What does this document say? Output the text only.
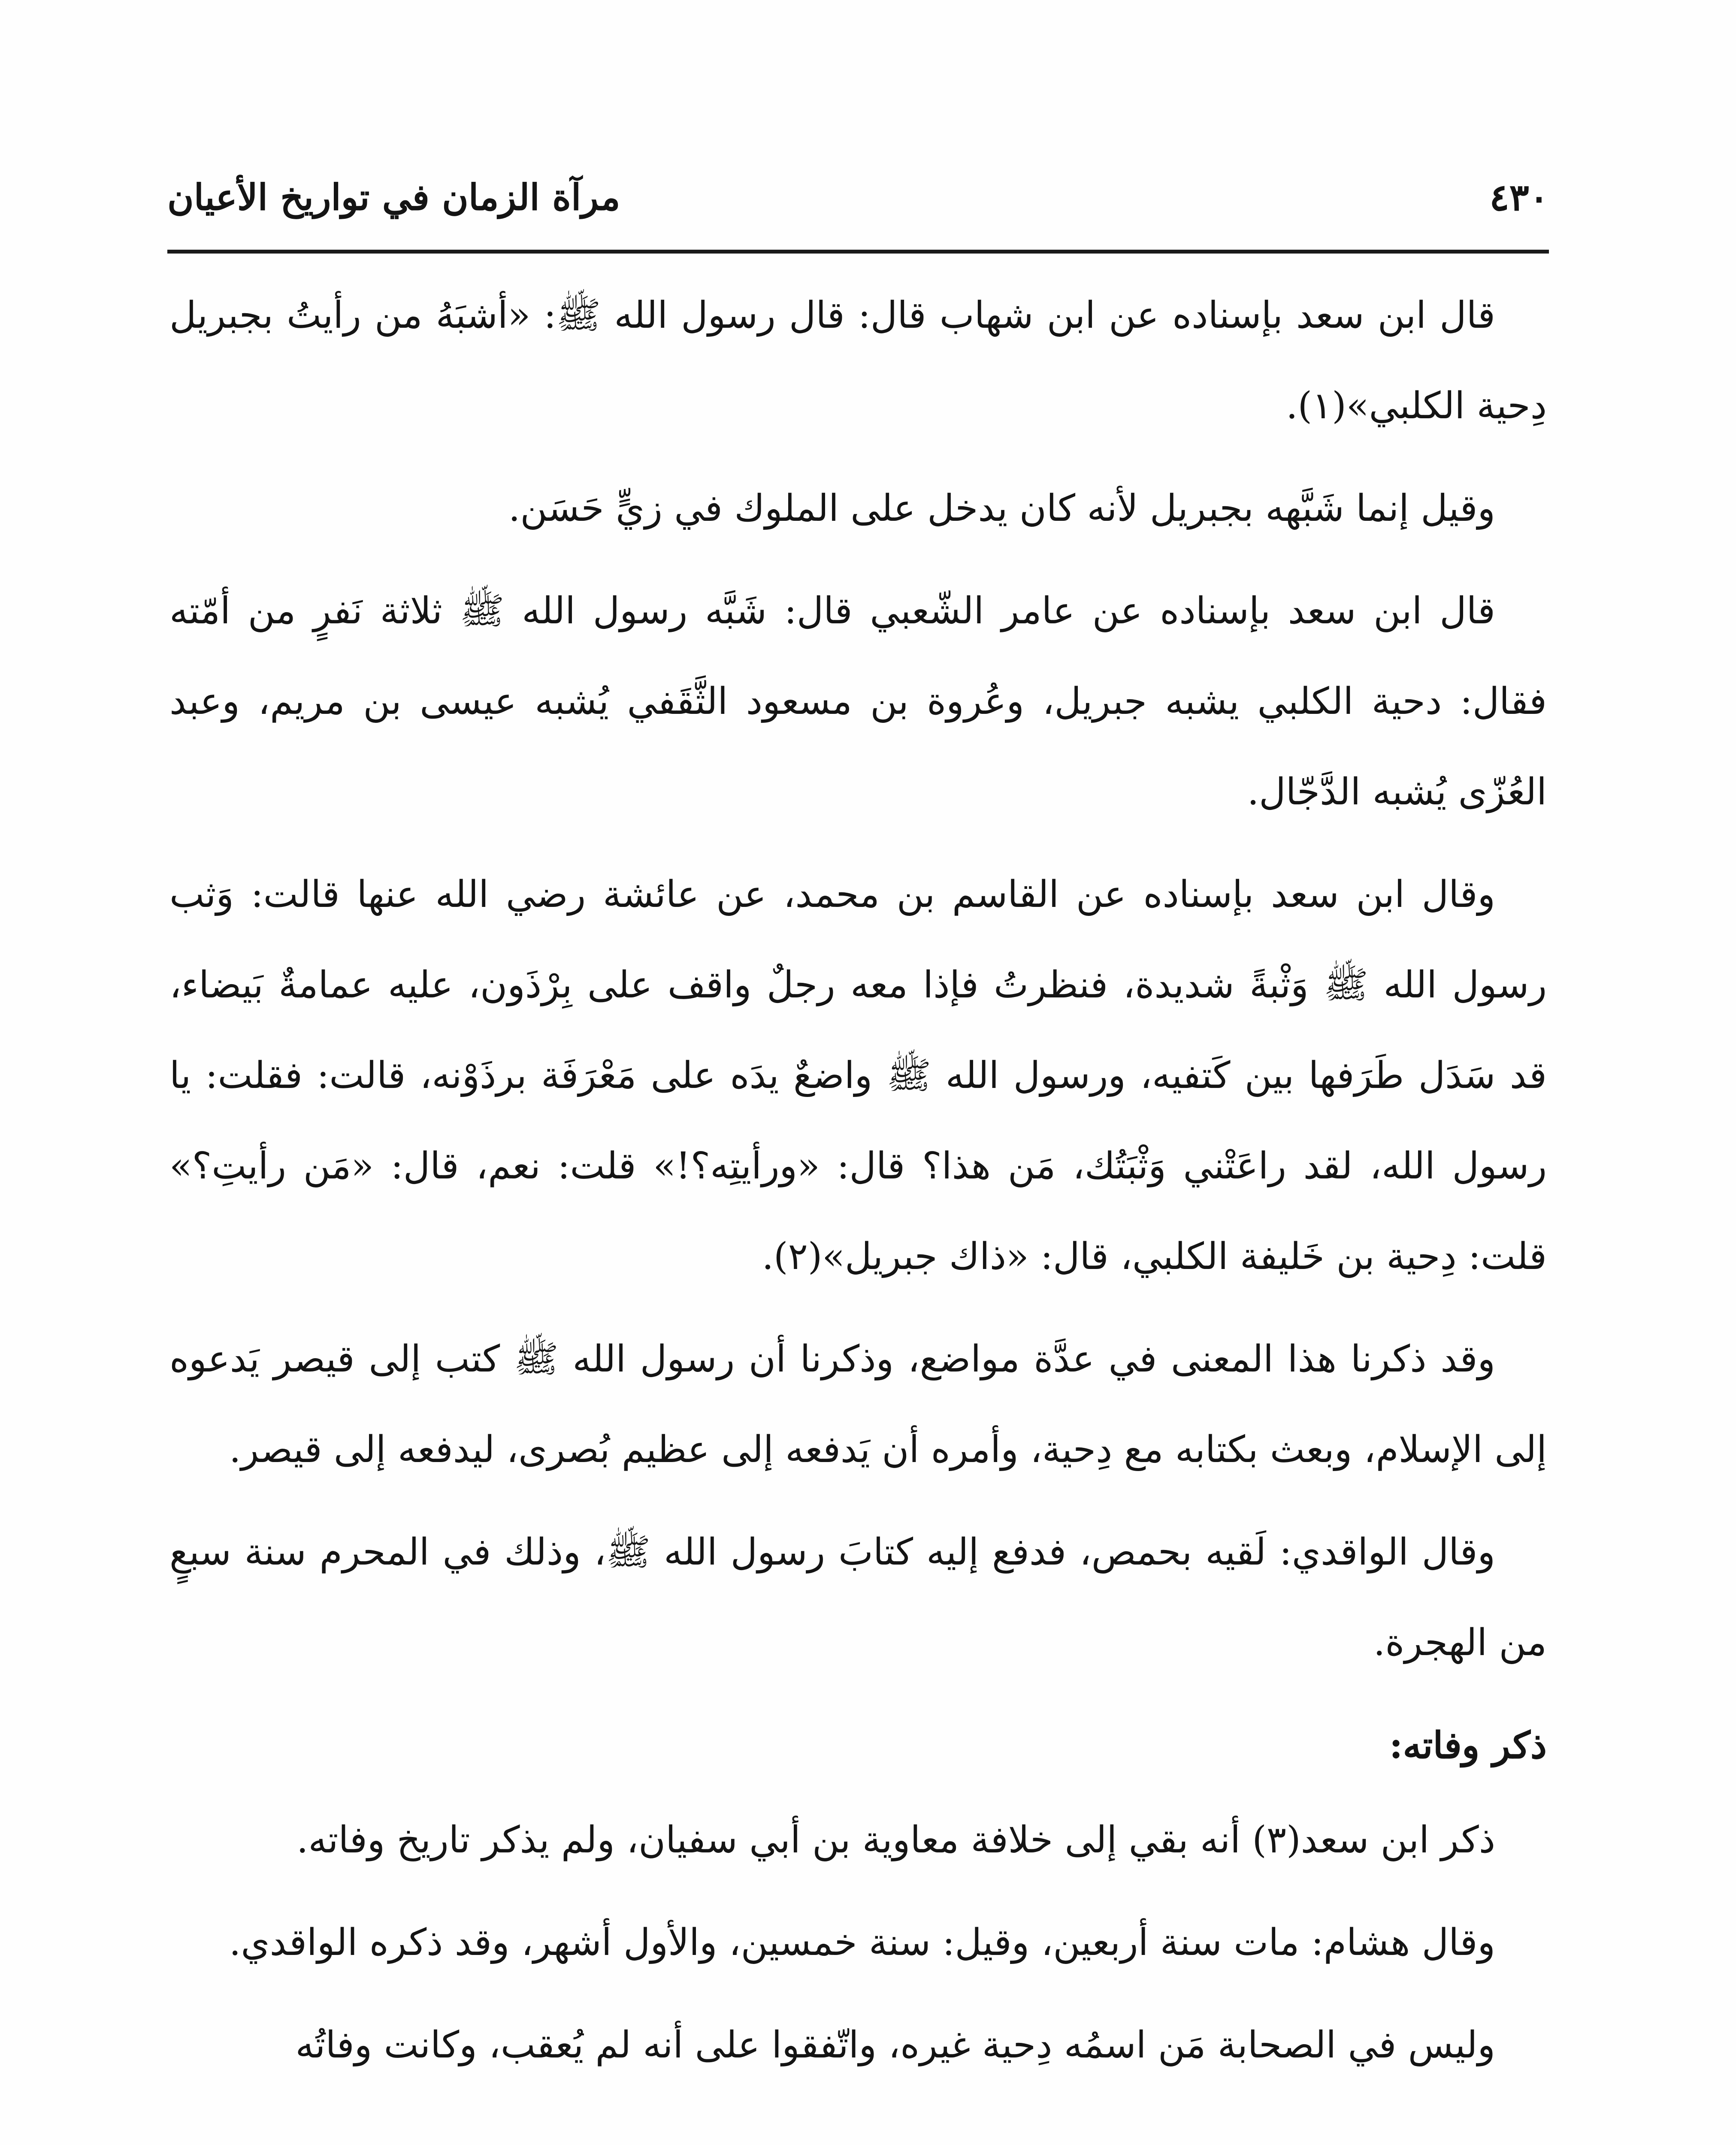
٤٣٠
مرآة الزمان في تواريخ الأعيان

قال ابن سعد بإسناده عن ابن شهاب قال: قال رسول الله ﷺ: «أشبَهُ من رأيتُ بجبريل دِحية الكلبي»(١).

وقيل إنما شَبَّهه بجبريل لأنه كان يدخل على الملوك في زيٍّ حَسَن.

قال ابن سعد بإسناده عن عامر الشّعبي قال: شَبَّه رسول الله ﷺ ثلاثة نَفرٍ من أمّته فقال: دحية الكلبي يشبه جبريل، وعُروة بن مسعود الثَّقَفي يُشبه عيسى بن مريم، وعبد العُزّى يُشبه الدَّجّال.

وقال ابن سعد بإسناده عن القاسم بن محمد، عن عائشة رضي الله عنها قالت: وَثب رسول الله ﷺ وَثْبةً شديدة، فنظرتُ فإذا معه رجلٌ واقف على بِرْذَون، عليه عمامةٌ بَيضاء، قد سَدَل طَرَفها بين كَتفيه، ورسول الله ﷺ واضعٌ يدَه على مَعْرَفَة برذَوْنه، قالت: فقلت: يا رسول الله، لقد راعَتْني وَثْبَتُك، مَن هذا؟ قال: «ورأيتِه؟!» قلت: نعم، قال: «مَن رأيتِ؟» قلت: دِحية بن خَليفة الكلبي، قال: «ذاك جبريل»(٢).

وقد ذكرنا هذا المعنى في عدَّة مواضع، وذكرنا أن رسول الله ﷺ كتب إلى قيصر يَدعوه إلى الإسلام، وبعث بكتابه مع دِحية، وأمره أن يَدفعه إلى عظيم بُصرى، ليدفعه إلى قيصر.

وقال الواقدي: لَقيه بحمص، فدفع إليه كتابَ رسول الله ﷺ، وذلك في المحرم سنة سبعٍ من الهجرة.

ذكر وفاته:

ذكر ابن سعد(٣) أنه بقي إلى خلافة معاوية بن أبي سفيان، ولم يذكر تاريخ وفاته.

وقال هشام: مات سنة أربعين، وقيل: سنة خمسين، والأول أشهر، وقد ذكره الواقدي.

وليس في الصحابة مَن اسمُه دِحية غيره، واتّفقوا على أنه لم يُعقب، وكانت وفاتُه
